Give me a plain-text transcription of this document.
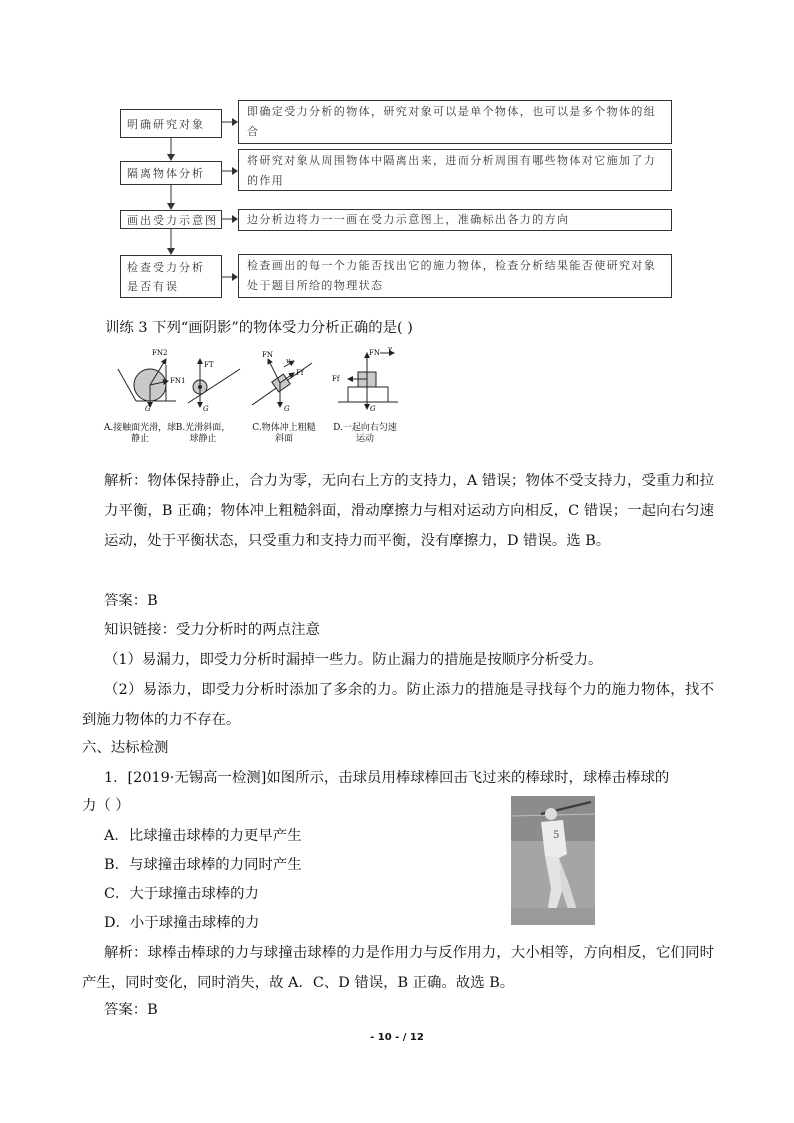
明确研究对象
即确定受力分析的物体，研究对象可以是单个物体，也可以是多个物体的组合
隔离物体分析
将研究对象从周围物体中隔离出来，进而分析周围有哪些物体对它施加了力的作用
画出受力示意图	边分析边将力一一画在受力示意图上，准确标出各力的方向
检查受力分析是否有误
检查画出的每一个力能否找出它的施力物体，检查分析结果能否使研究对象处于题目所给的物理状态
训练 3 下列“画阴影”的物体受力分析正确的是( )
FN2
FN1
G
FT
G
FN
v
Ff
G
FN v
Ff
G
A.接触面光滑，球静止
B.光滑斜面，球静止
C.物体冲上粗糙斜面
D.一起向右匀速运动
解析：物体保持静止，合力为零，无向右上方的支持力，A 错误；物体不受支持力，受重力和拉力平衡，B 正确；物体冲上粗糙斜面，滑动摩擦力与相对运动方向相反，C 错误；一起向右匀速运动，处于平衡状态，只受重力和支持力而平衡，没有摩擦力，D 错误。选 B。
答案：B
知识链接：受力分析时的两点注意
（1）易漏力，即受力分析时漏掉一些力。防止漏力的措施是按顺序分析受力。
（2）易添力，即受力分析时添加了多余的力。防止添力的措施是寻找每个力的施力物体，找不到施力物体的力不存在。
六、达标检测
1．[2019·无锡高一检测]如图所示，击球员用棒球棒回击飞过来的棒球时，球棒击棒球的
力（ ）
A．比球撞击球棒的力更早产生
B．与球撞击球棒的力同时产生
C．大于球撞击球棒的力
D．小于球撞击球棒的力
5
解析：球棒击棒球的力与球撞击球棒的力是作用力与反作用力，大小相等，方向相反，它们同时产生，同时变化，同时消失，故 A．C、D 错误，B 正确。故选 B。
答案：B
- 10 - / 12
